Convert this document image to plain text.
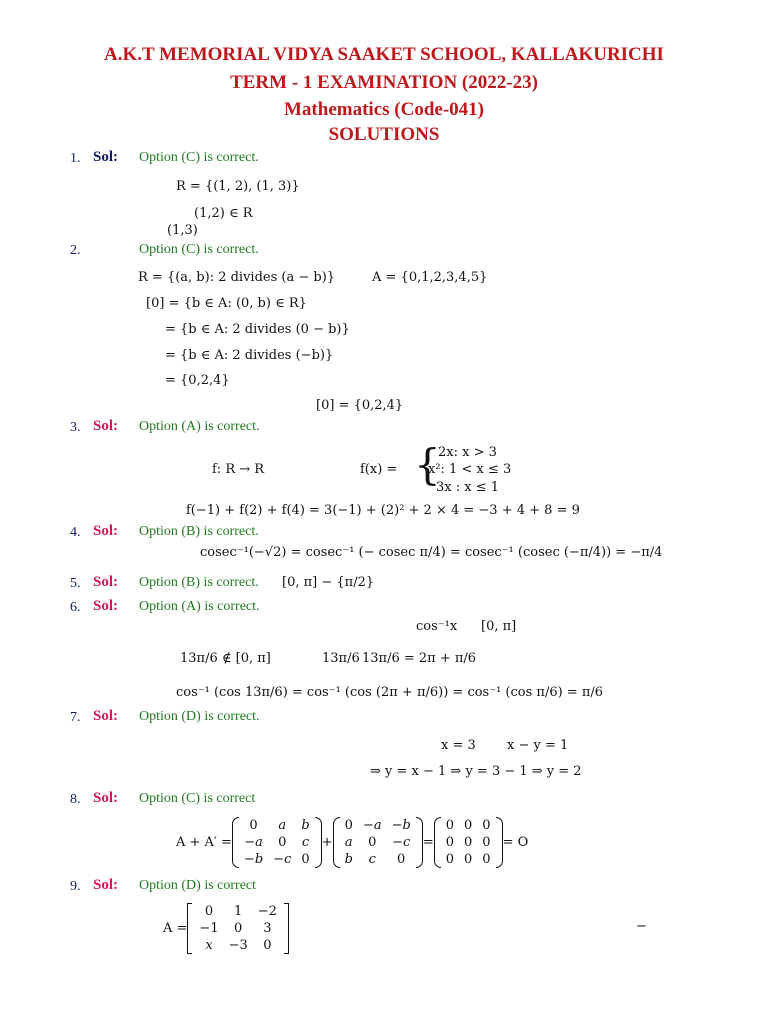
A.K.T MEMORIAL VIDYA SAAKET SCHOOL, KALLAKURICHI
TERM - 1 EXAMINATION (2022-23)
Mathematics (Code-041)
SOLUTIONS
1. Sol: Option (C) is correct.
R = {(1, 2), (1, 3)}
(1,2) ∈ R
(1,3)
2.	Option (C) is correct.
R = {(a, b): 2 divides (a − b)}	A = {0,1,2,3,4,5}
[0] = {b ∈ A: (0, b) ∈ R}
= {b ∈ A: 2 divides (0 − b)}
= {b ∈ A: 2 divides (−b)}
= {0,2,4}
[0] = {0,2,4}
3. Sol: Option (A) is correct.
f: R → R	f(x) = {
2x: x > 3
x²: 1 < x ≤ 3
3x : x ≤ 1
f(−1) + f(2) + f(4) = 3(−1) + (2)² + 2 × 4 = −3 + 4 + 8 = 9
4. Sol: Option (B) is correct.
cosec⁻¹(−√2) = cosec⁻¹ (− cosec π/4) = cosec⁻¹ (cosec (−π/4)) = −π/4
5. Sol: Option (B) is correct. [0, π] − {π/2}
6. Sol: Option (A) is correct.
cos⁻¹x [0, π]
13π/6 ∉ [0, π]	13π/6 13π/6 = 2π + π/6
cos⁻¹ (cos 13π/6) = cos⁻¹ (cos (2π + π/6)) = cos⁻¹ (cos π/6) = π/6
7. Sol: Option (D) is correct.
x = 3 x − y = 1
⇒ y = x − 1 ⇒ y = 3 − 1 ⇒ y = 2
8. Sol: Option (C) is correct
A + A′ =
0	a	b
−a	0	c
−b	−c	0
+
0	−a	−b
a	0	−c
b	c	0
=
0	0	0
0	0	0
0	0	0
= O
9. Sol: Option (D) is correct
A =
0	1	−2
−1	0	3
x	−3	0
−
